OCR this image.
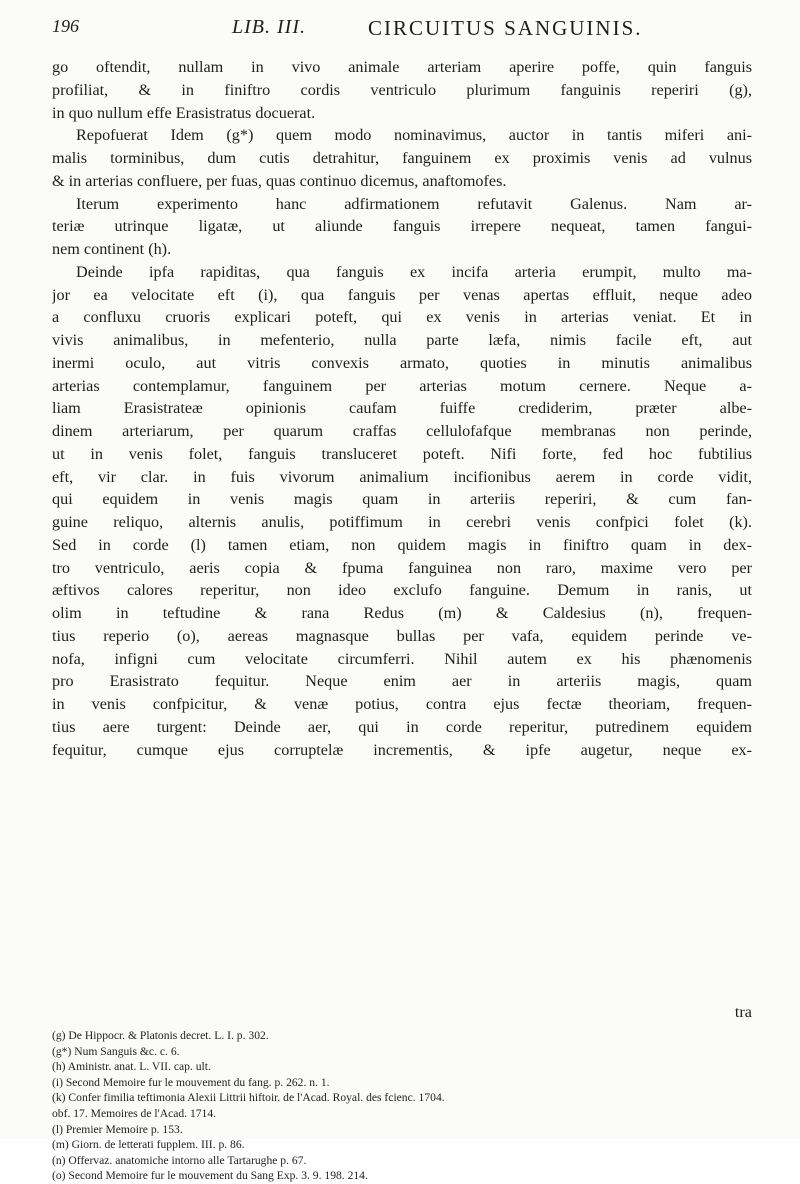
196	LIB. III.	CIRCUITUS SANGUINIS.
go oftendit, nullam in vivo animale arteriam aperire poffe, quin fanguis
profiliat, & in finiftro cordis ventriculo plurimum fanguinis reperiri (g),
in quo nullum effe Erasistratus docuerat.
Repofuerat Idem (g*) quem modo nominavimus, auctor in tantis miferi ani-
malis torminibus, dum cutis detrahitur, fanguinem ex proximis venis ad vulnus
& in arterias confluere, per fuas, quas continuo dicemus, anaftomofes.
Iterum experimento hanc adfirmationem refutavit Galenus. Nam ar-
teriæ utrinque ligatæ, ut aliunde fanguis irrepere nequeat, tamen fangui-
nem continent (h).
Deinde ipfa rapiditas, qua fanguis ex incifa arteria erumpit, multo ma-
jor ea velocitate eft (i), qua fanguis per venas apertas effluit, neque adeo
a confluxu cruoris explicari poteft, qui ex venis in arterias veniat. Et in
vivis animalibus, in mefenterio, nulla parte læfa, nimis facile eft, aut
inermi oculo, aut vitris convexis armato, quoties in minutis animalibus
arterias contemplamur, fanguinem per arterias motum cernere. Neque a-
liam Erasistrateæ opinionis caufam fuiffe crediderim, præter albe-
dinem arteriarum, per quarum craffas cellulofafque membranas non perinde,
ut in venis folet, fanguis transluceret poteft. Nifi forte, fed hoc fubtilius
eft, vir clar. in fuis vivorum animalium incifionibus aerem in corde vidit,
qui equidem in venis magis quam in arteriis reperiri, & cum fan-
guine reliquo, alternis anulis, potiffimum in cerebri venis confpici folet (k).
Sed in corde (l) tamen etiam, non quidem magis in finiftro quam in dex-
tro ventriculo, aeris copia & fpuma fanguinea non raro, maxime vero per
æftivos calores reperitur, non ideo exclufo fanguine. Demum in ranis, ut
olim in teftudine & rana Redus (m) & Caldesius (n), frequen-
tius reperio (o), aereas magnasque bullas per vafa, equidem perinde ve-
nofa, infigni cum velocitate circumferri. Nihil autem ex his phænomenis
pro Erasistrato fequitur. Neque enim aer in arteriis magis, quam
in venis confpicitur, & venæ potius, contra ejus fectæ theoriam, frequen-
tius aere turgent: Deinde aer, qui in corde reperitur, putredinem equidem
fequitur, cumque ejus corruptelæ incrementis, & ipfe augetur, neque ex-
tra
(g) De Hippocr. & Platonis decret. L. I. p. 302.
(g*) Num Sanguis &c. c. 6.
(h) Aministr. anat. L. VII. cap. ult.
(i) Second Memoire fur le mouvement du fang. p. 262. n. 1.
(k) Confer fimilia teftimonia Alexii Littrii hiftoir. de l'Acad. Royal. des fcienc. 1704.
obf. 17. Memoires de l'Acad. 1714.
(l) Premier Memoire p. 153.
(m) Giorn. de letterati fupplem. III. p. 86.
(n) Offervaz. anatomiche intorno alle Tartarughe p. 67.
(o) Second Memoire fur le mouvement du Sang Exp. 3. 9. 198. 214.
